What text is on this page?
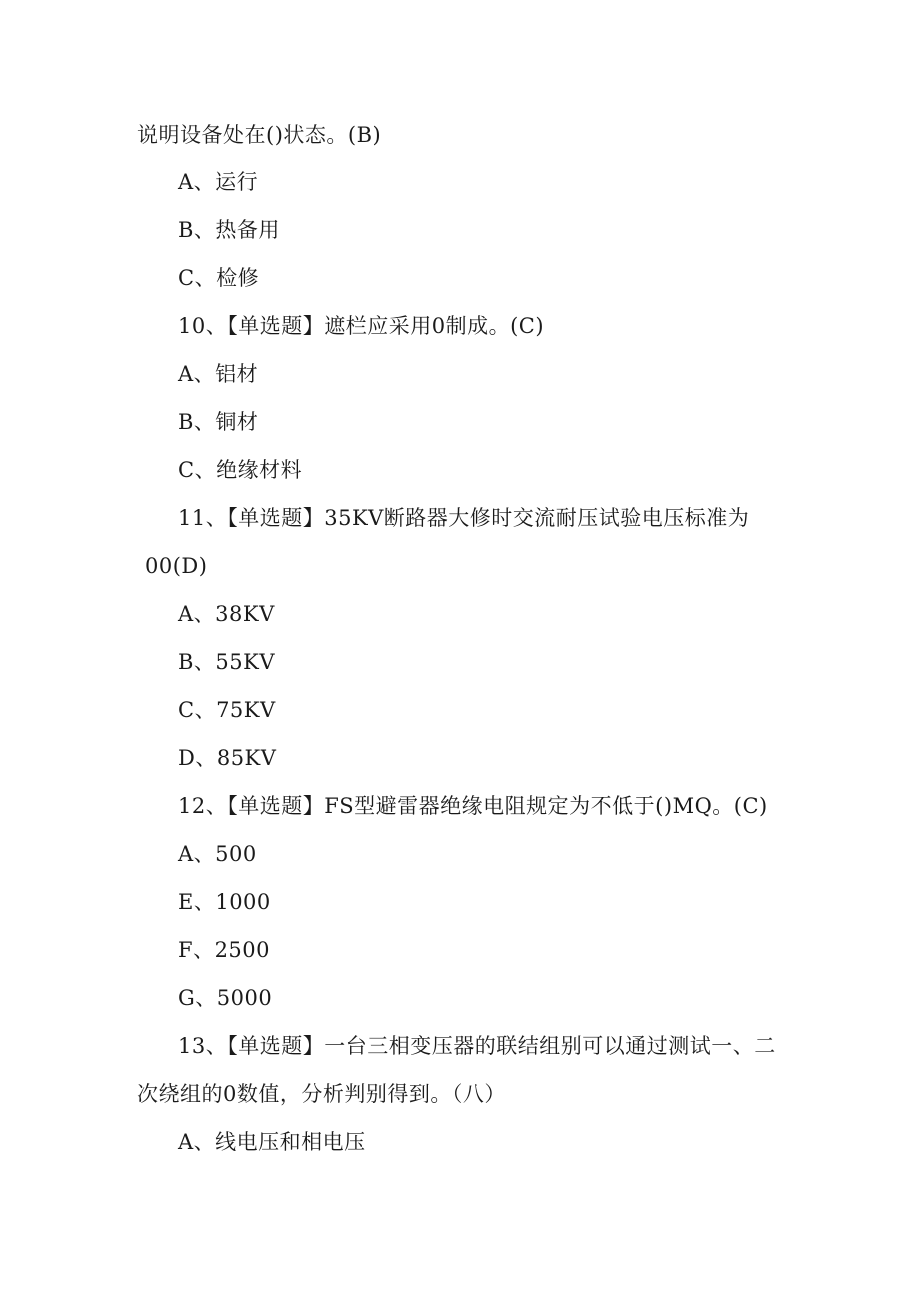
说明设备处在()状态。(B)
A、运行
B、热备用
C、检修
10、【单选题】遮栏应采用0制成。(C)
A、铝材
B、铜材
C、绝缘材料
11、【单选题】35KV断路器大修时交流耐压试验电压标准为
00(D)
A、38KV
B、55KV
C、75KV
D、85KV
12、【单选题】FS型避雷器绝缘电阻规定为不低于()MQ。(C)
A、500
E、1000
F、2500
G、5000
13、【单选题】一台三相变压器的联结组别可以通过测试一、二
次绕组的0数值，分析判别得到。（八）
A、线电压和相电压
